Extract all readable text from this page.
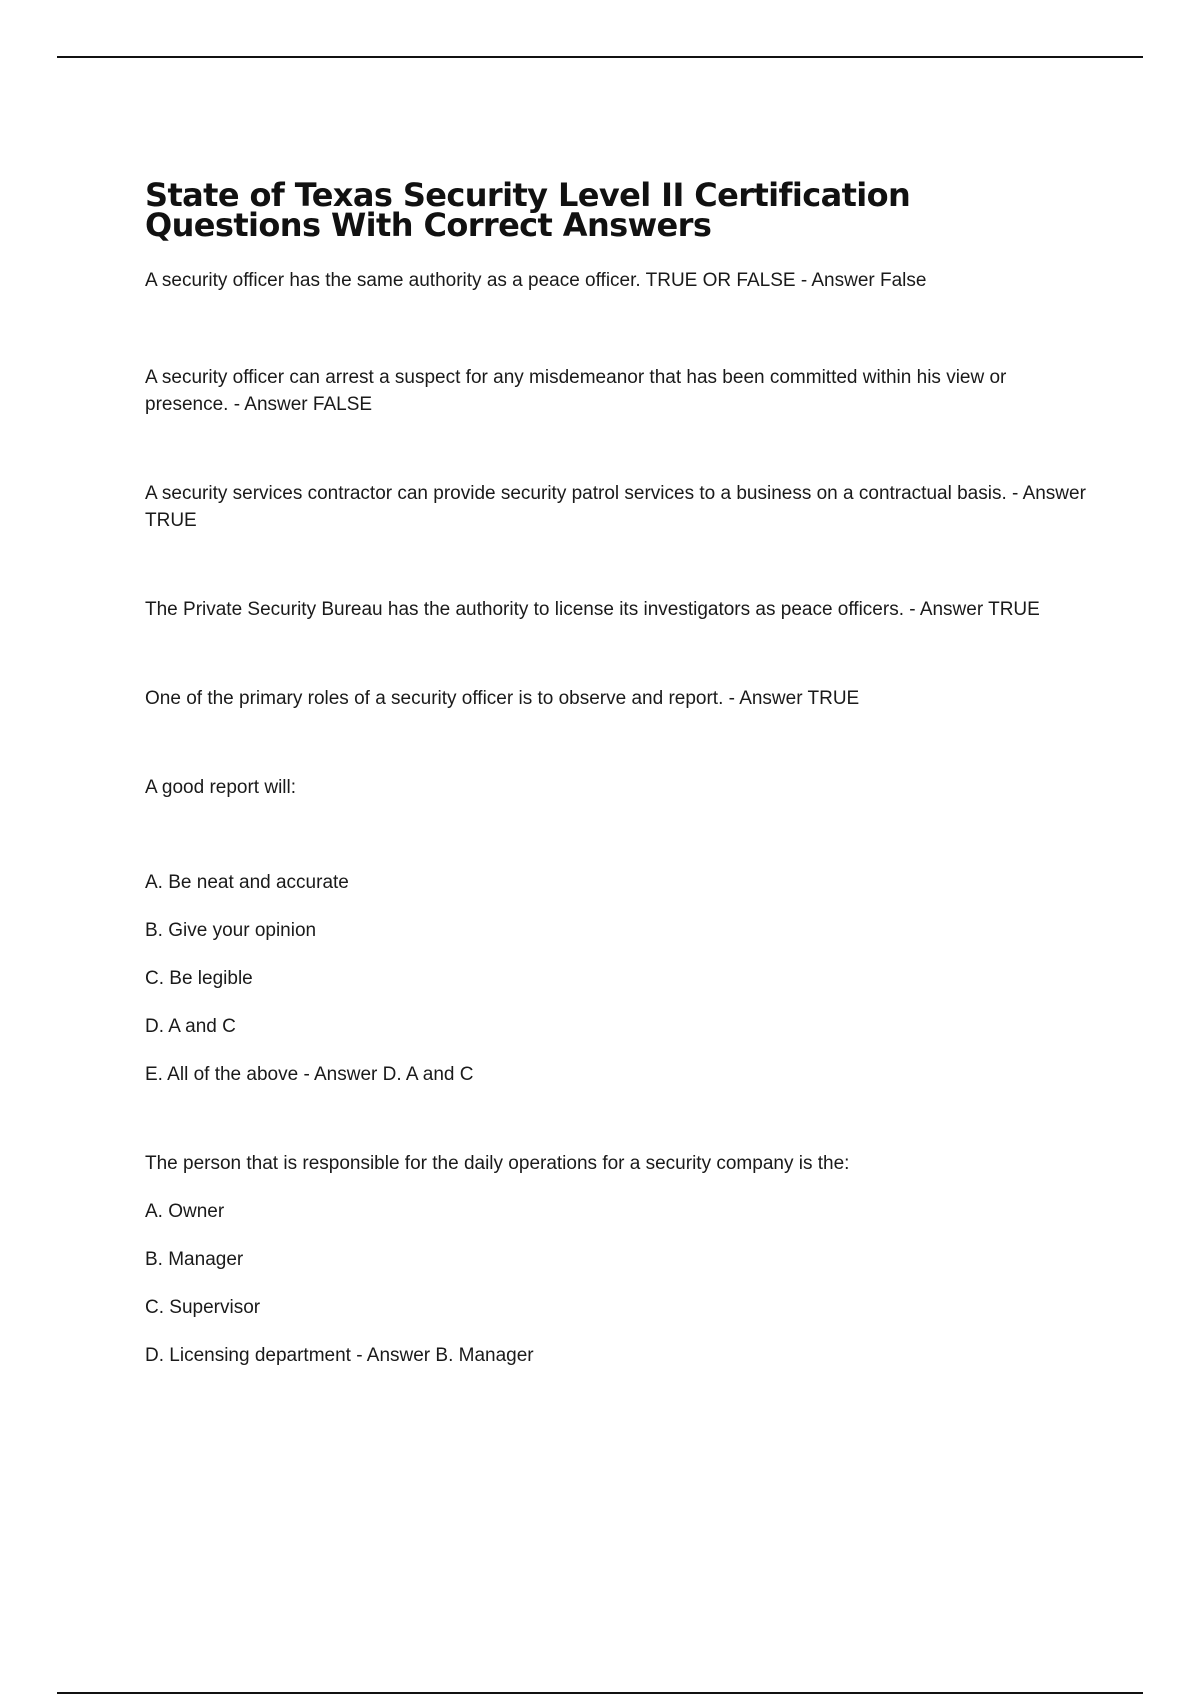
State of Texas Security Level II Certification Questions With Correct Answers

A security officer has the same authority as a peace officer. TRUE OR FALSE - Answer False

A security officer can arrest a suspect for any misdemeanor that has been committed within his view or presence. - Answer FALSE

A security services contractor can provide security patrol services to a business on a contractual basis. - Answer TRUE

The Private Security Bureau has the authority to license its investigators as peace officers. - Answer TRUE

One of the primary roles of a security officer is to observe and report. - Answer TRUE

A good report will:

A. Be neat and accurate

B. Give your opinion

C. Be legible

D. A and C

E. All of the above - Answer D. A and C

The person that is responsible for the daily operations for a security company is the:

A. Owner

B. Manager

C. Supervisor

D. Licensing department - Answer B. Manager
